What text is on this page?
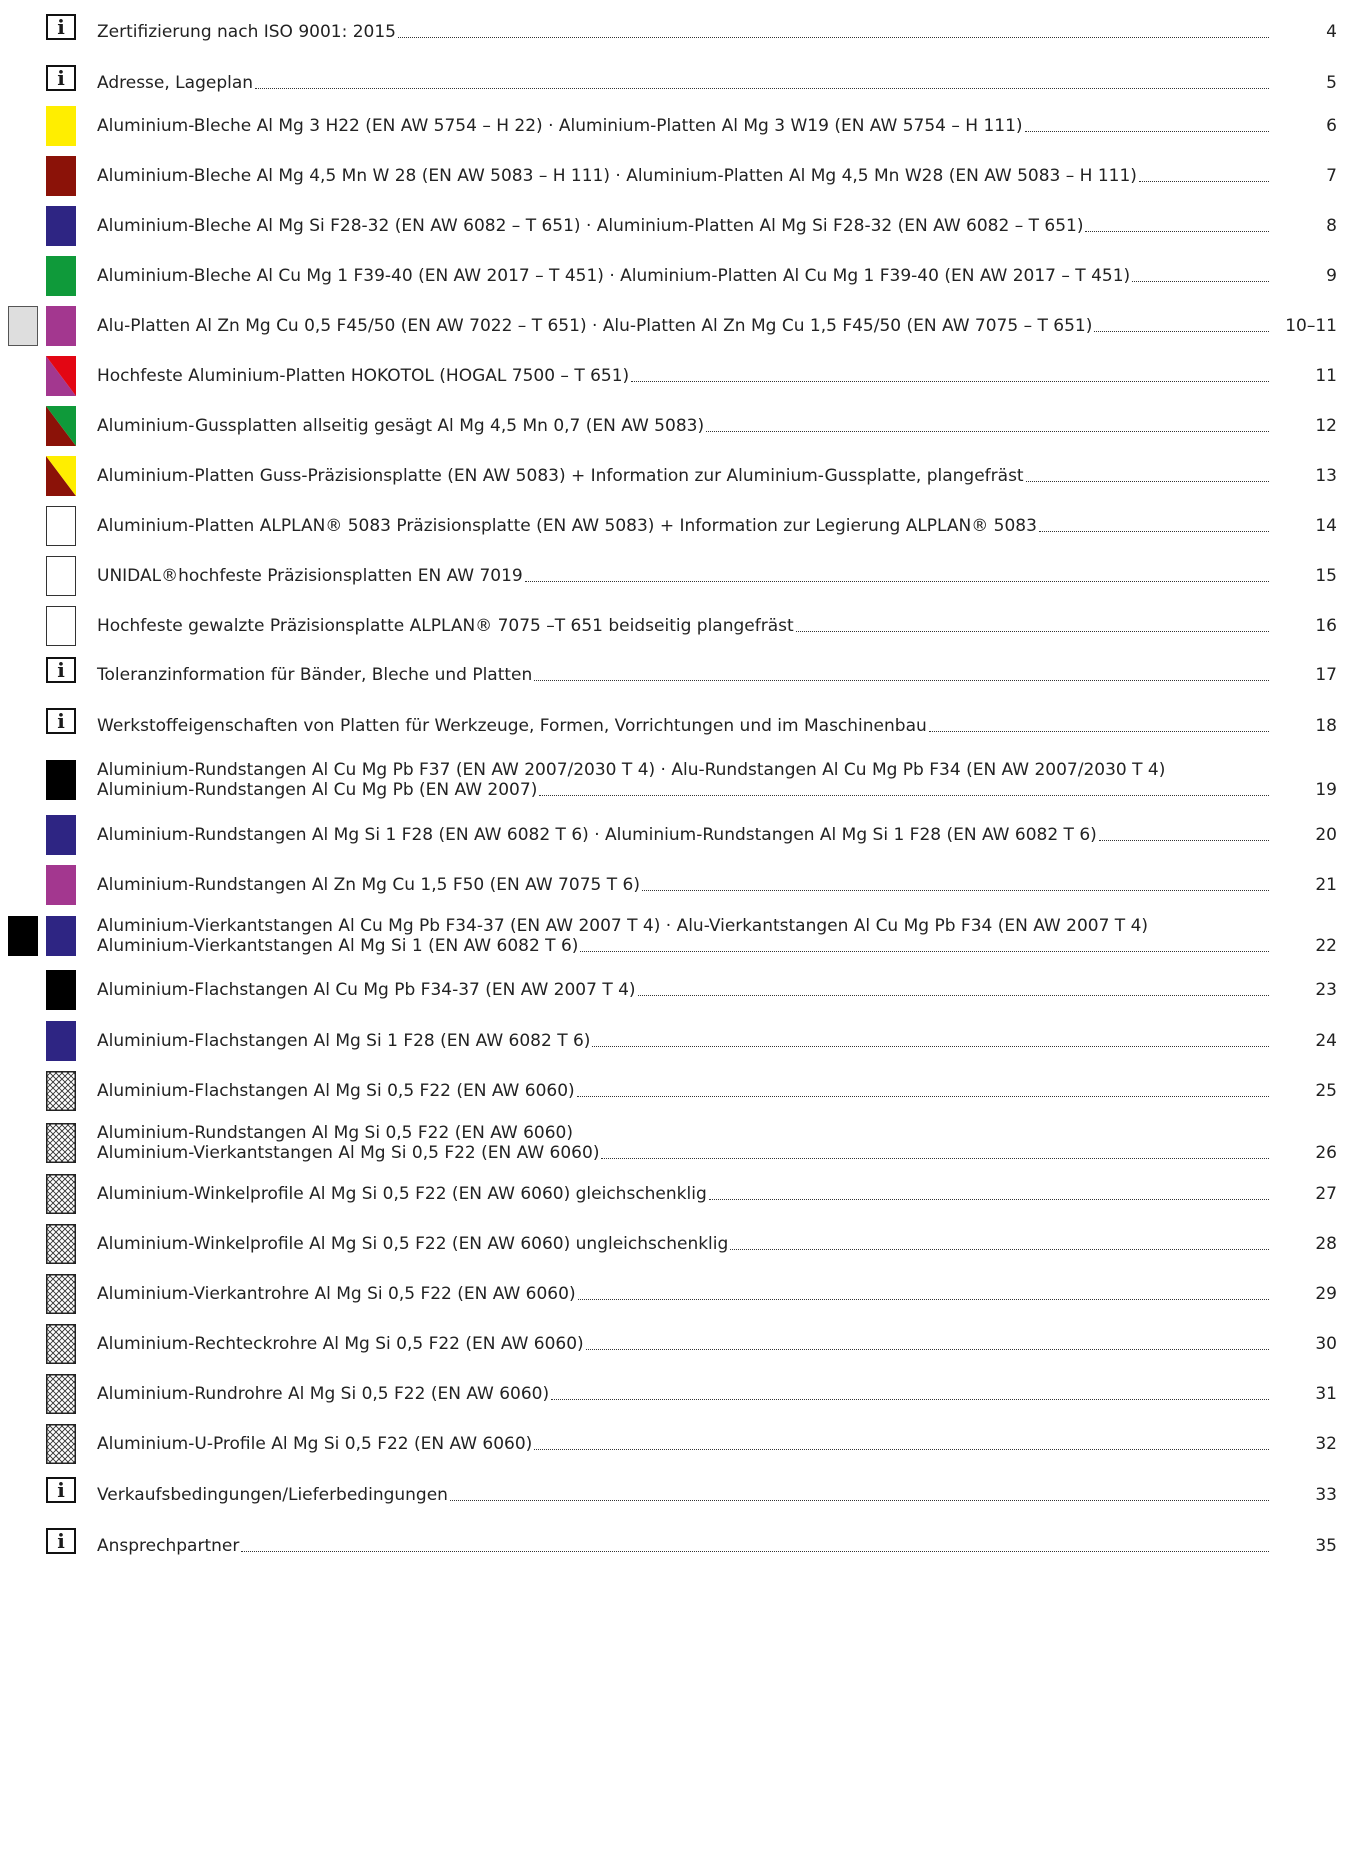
i Zertifizierung nach ISO 9001: 2015	4
i Adresse, Lageplan	5
Aluminium-Bleche Al Mg 3 H22 (EN AW 5754 – H 22) · Aluminium-Platten Al Mg 3 W19 (EN AW 5754 – H 111)	6
Aluminium-Bleche Al Mg 4,5 Mn W 28 (EN AW 5083 – H 111) · Aluminium-Platten Al Mg 4,5 Mn W28 (EN AW 5083 – H 111)	7
Aluminium-Bleche Al Mg Si F28-32 (EN AW 6082 – T 651) · Aluminium-Platten Al Mg Si F28-32 (EN AW 6082 – T 651)	8
Aluminium-Bleche Al Cu Mg 1 F39-40 (EN AW 2017 – T 451) · Aluminium-Platten Al Cu Mg 1 F39-40 (EN AW 2017 – T 451)	9
Alu-Platten Al Zn Mg Cu 0,5 F45/50 (EN AW 7022 – T 651) · Alu-Platten Al Zn Mg Cu 1,5 F45/50 (EN AW 7075 – T 651)	10–11
Hochfeste Aluminium-Platten HOKOTOL (HOGAL 7500 – T 651)	11
Aluminium-Gussplatten allseitig gesägt Al Mg 4,5 Mn 0,7 (EN AW 5083)	12
Aluminium-Platten Guss-Präzisionsplatte (EN AW 5083) + Information zur Aluminium-Gussplatte, plangefräst	13
Aluminium-Platten ALPLAN® 5083 Präzisionsplatte (EN AW 5083) + Information zur Legierung ALPLAN® 5083	14
UNIDAL®hochfeste Präzisionsplatten EN AW 7019	15
Hochfeste gewalzte Präzisionsplatte ALPLAN® 7075 –T 651 beidseitig plangefräst	16
i Toleranzinformation für Bänder, Bleche und Platten	17
i Werkstoffeigenschaften von Platten für Werkzeuge, Formen, Vorrichtungen und im Maschinenbau	18
Aluminium-Rundstangen Al Cu Mg Pb F37 (EN AW 2007/2030 T 4) · Alu-Rundstangen Al Cu Mg Pb F34 (EN AW 2007/2030 T 4)
Aluminium-Rundstangen Al Cu Mg Pb (EN AW 2007)	19
Aluminium-Rundstangen Al Mg Si 1 F28 (EN AW 6082 T 6) · Aluminium-Rundstangen Al Mg Si 1 F28 (EN AW 6082 T 6)	20
Aluminium-Rundstangen Al Zn Mg Cu 1,5 F50 (EN AW 7075 T 6)	21
Aluminium-Vierkantstangen Al Cu Mg Pb F34-37 (EN AW 2007 T 4) · Alu-Vierkantstangen Al Cu Mg Pb F34 (EN AW 2007 T 4)
Aluminium-Vierkantstangen Al Mg Si 1 (EN AW 6082 T 6)	22
Aluminium-Flachstangen Al Cu Mg Pb F34-37 (EN AW 2007 T 4)	23
Aluminium-Flachstangen Al Mg Si 1 F28 (EN AW 6082 T 6)	24
Aluminium-Flachstangen Al Mg Si 0,5 F22 (EN AW 6060)	25
Aluminium-Rundstangen Al Mg Si 0,5 F22 (EN AW 6060)
Aluminium-Vierkantstangen Al Mg Si 0,5 F22 (EN AW 6060)	26
Aluminium-Winkelprofile Al Mg Si 0,5 F22 (EN AW 6060) gleichschenklig	27
Aluminium-Winkelprofile Al Mg Si 0,5 F22 (EN AW 6060) ungleichschenklig	28
Aluminium-Vierkantrohre Al Mg Si 0,5 F22 (EN AW 6060)	29
Aluminium-Rechteckrohre Al Mg Si 0,5 F22 (EN AW 6060)	30
Aluminium-Rundrohre Al Mg Si 0,5 F22 (EN AW 6060)	31
Aluminium-U-Profile Al Mg Si 0,5 F22 (EN AW 6060)	32
i Verkaufsbedingungen/Lieferbedingungen	33
i Ansprechpartner	35
